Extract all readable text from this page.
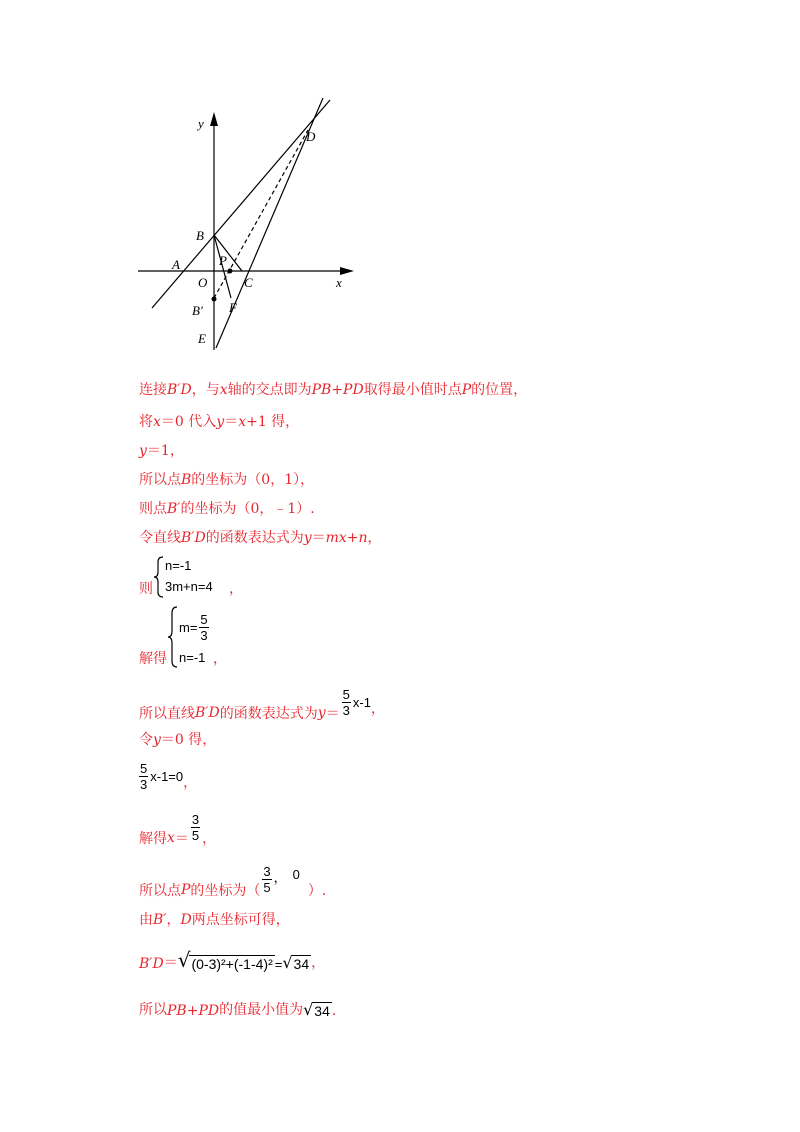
y
x
D
B
A
O
P
C
B′ F
E
连接B′D，与x轴的交点即为PB+PD取得最小值时点P的位置，
将x＝0 代入y＝x+1 得，
y＝1，
所以点B的坐标为（0，1），
则点B′的坐标为（0，﹣1）.
令直线B′D的函数表达式为y＝mx+n，
则
n=-1
3m+n=4 ，
解得
$m= \frac{5}{3}$
n=-1 ，
所以直线 B′ D 的函数表达式为 $y = \frac{5}{3} x-1$ ，
令y＝0 得，
$\frac{5}{3} x-1=0$ ，
解得 $x = \frac{3}{5}$ ，
所以点 P 的坐标为（ $\frac{3}{5}$ ， 0
）.
由B′，D两点坐标可得，
B′ D ＝ √ (0-3)²+(-1-4)² = √ 34 ，
所以 PB+PD 的值最小值为 √ 34 .
